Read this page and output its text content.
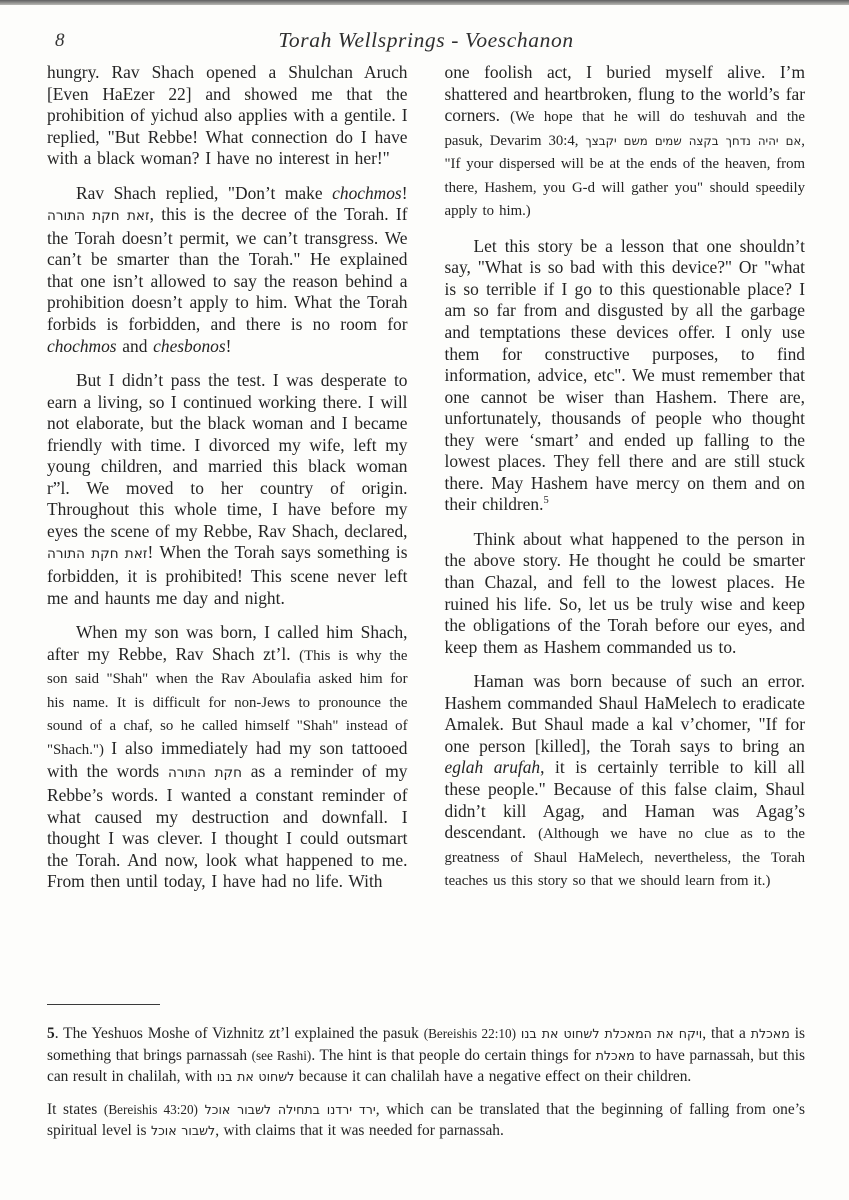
8	Torah Wellsprings - Voeschanon

hungry. Rav Shach opened a Shulchan Aruch [Even HaEzer 22] and showed me that the prohibition of yichud also applies with a gentile. I replied, "But Rebbe! What connection do I have with a black woman? I have no interest in her!"

Rav Shach replied, "Don’t make chochmos! זאת חקת התורה, this is the decree of the Torah. If the Torah doesn’t permit, we can’t transgress. We can’t be smarter than the Torah." He explained that one isn’t allowed to say the reason behind a prohibition doesn’t apply to him. What the Torah forbids is forbidden, and there is no room for chochmos and chesbonos!

But I didn’t pass the test. I was desperate to earn a living, so I continued working there. I will not elaborate, but the black woman and I became friendly with time. I divorced my wife, left my young children, and married this black woman r”l. We moved to her country of origin. Throughout this whole time, I have before my eyes the scene of my Rebbe, Rav Shach, declared, זאת חקת התורה! When the Torah says something is forbidden, it is prohibited! This scene never left me and haunts me day and night.

When my son was born, I called him Shach, after my Rebbe, Rav Shach zt’l. (This is why the son said "Shah" when the Rav Aboulafia asked him for his name. It is difficult for non-Jews to pronounce the sound of a chaf, so he called himself "Shah" instead of "Shach.") I also immediately had my son tattooed with the words חקת התורה as a reminder of my Rebbe’s words. I wanted a constant reminder of what caused my destruction and downfall. I thought I was clever. I thought I could outsmart the Torah. And now, look what happened to me. From then until today, I have had no life. With

one foolish act, I buried myself alive. I’m shattered and heartbroken, flung to the world’s far corners. (We hope that he will do teshuvah and the pasuk, Devarim 30:4, אם יהיה נדחך בקצה שמים משם יקבצך, "If your dispersed will be at the ends of the heaven, from there, Hashem, you G-d will gather you" should speedily apply to him.)

Let this story be a lesson that one shouldn’t say, "What is so bad with this device?" Or "what is so terrible if I go to this questionable place? I am so far from and disgusted by all the garbage and temptations these devices offer. I only use them for constructive purposes, to find information, advice, etc". We must remember that one cannot be wiser than Hashem. There are, unfortunately, thousands of people who thought they were ‘smart’ and ended up falling to the lowest places. They fell there and are still stuck there. May Hashem have mercy on them and on their children.$^5$

Think about what happened to the person in the above story. He thought he could be smarter than Chazal, and fell to the lowest places. He ruined his life. So, let us be truly wise and keep the obligations of the Torah before our eyes, and keep them as Hashem commanded us to.

Haman was born because of such an error. Hashem commanded Shaul HaMelech to eradicate Amalek. But Shaul made a kal v’chomer, "If for one person [killed], the Torah says to bring an eglah arufah, it is certainly terrible to kill all these people." Because of this false claim, Shaul didn’t kill Agag, and Haman was Agag’s descendant. (Although we have no clue as to the greatness of Shaul HaMelech, nevertheless, the Torah teaches us this story so that we should learn from it.)

5. The Yeshuos Moshe of Vizhnitz zt’l explained the pasuk (Bereishis 22:10) ויקח את המאכלת לשחוט את בנו, that a מאכלת is something that brings parnassah (see Rashi). The hint is that people do certain things for מאכלת to have parnassah, but this can result in chalilah, with לשחוט את בנו because it can chalilah have a negative effect on their children.

It states (Bereishis 43:20) ירד ירדנו בתחילה לשבור אוכל, which can be translated that the beginning of falling from one’s spiritual level is לשבור אוכל, with claims that it was needed for parnassah.
